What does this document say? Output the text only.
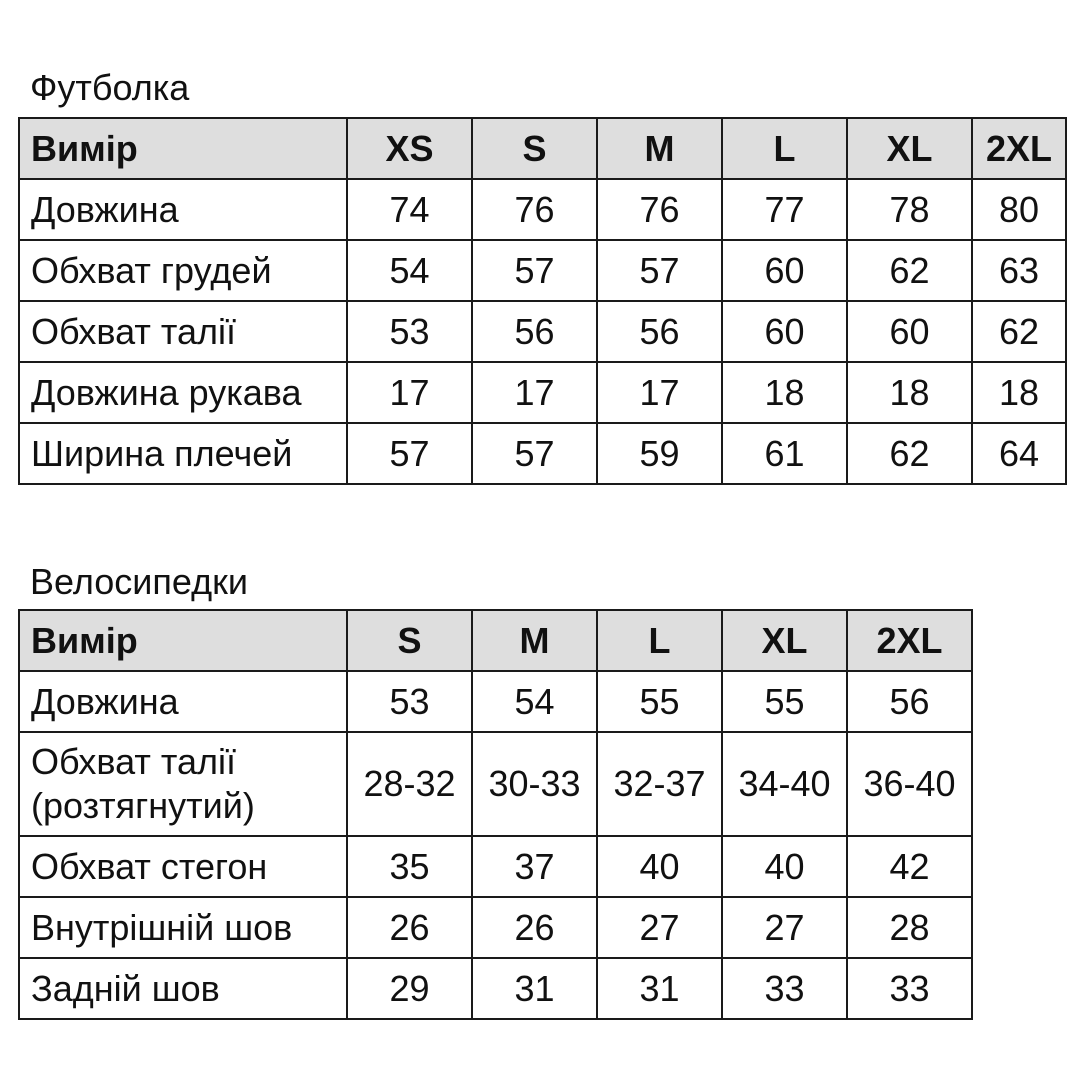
Футболка
Вимір	XS	S	M	L	XL	2XL
Довжина	74	76	76	77	78	80
Обхват грудей	54	57	57	60	62	63
Обхват талії	53	56	56	60	60	62
Довжина рукава	17	17	17	18	18	18
Ширина плечей	57	57	59	61	62	64
Велосипедки
Вимір	S	M	L	XL	2XL
Довжина	53	54	55	55	56

Обхват талії
(розтягнутий)	28-32	30-33	32-37	34-40	36-40
Обхват стегон	35	37	40	40	42
Внутрішній шов	26	26	27	27	28
Задній шов	29	31	31	33	33
